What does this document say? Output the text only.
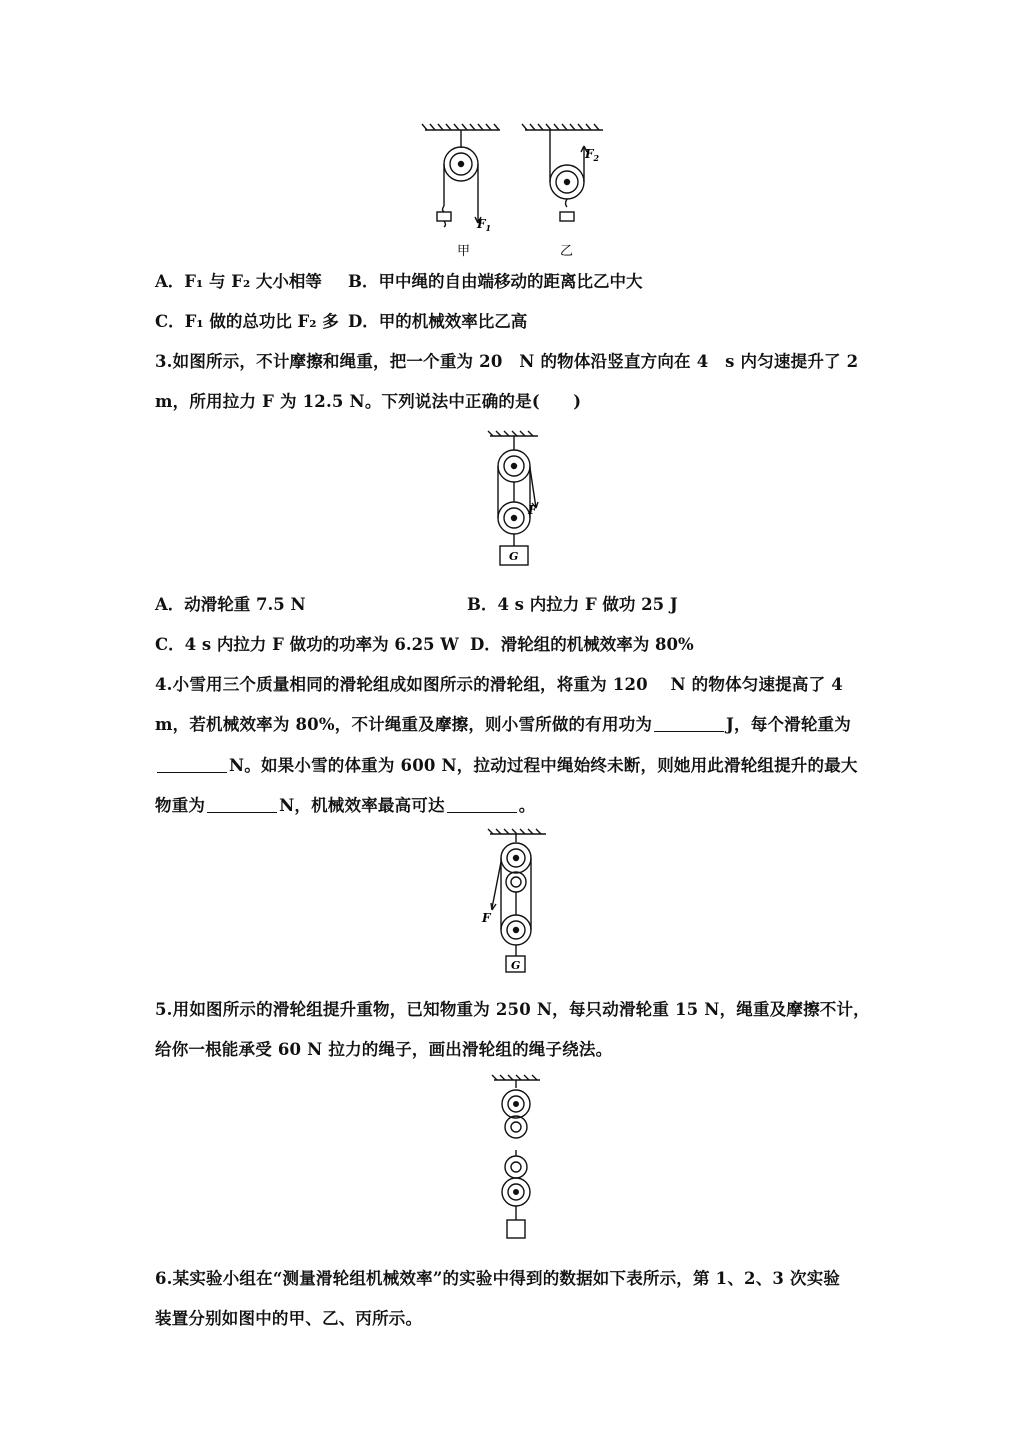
$F_1$
$F_2$
甲	乙
A．F₁ 与 F₂ 大小相等 B．甲中绳的自由端移动的距离比乙中大
C．F₁ 做的总功比 F₂ 多 D．甲的机械效率比乙高
3.如图所示，不计摩擦和绳重，把一个重为 20　N 的物体沿竖直方向在 4　s 内匀速提升了 2
m，所用拉力 F 为 12.5 N。下列说法中正确的是(　　)
F
G
A．动滑轮重 7.5 N	B．4 s 内拉力 F 做功 25 J
C．4 s 内拉力 F 做功的功率为 6.25 W D．滑轮组的机械效率为 80%
4.小雪用三个质量相同的滑轮组成如图所示的滑轮组，将重为 120　 N 的物体匀速提高了 4
m，若机械效率为 80%，不计绳重及摩擦，则小雪所做的有用功为	J，每个滑轮重为
N。如果小雪的体重为 600 N，拉动过程中绳始终未断，则她用此滑轮组提升的最大
物重为	N，机械效率最高可达	。
F
G
5.用如图所示的滑轮组提升重物，已知物重为 250 N，每只动滑轮重 15 N，绳重及摩擦不计，
给你一根能承受 60 N 拉力的绳子，画出滑轮组的绳子绕法。
6.某实验小组在“测量滑轮组机械效率”的实验中得到的数据如下表所示，第 1、2、3 次实验
装置分别如图中的甲、乙、丙所示。
